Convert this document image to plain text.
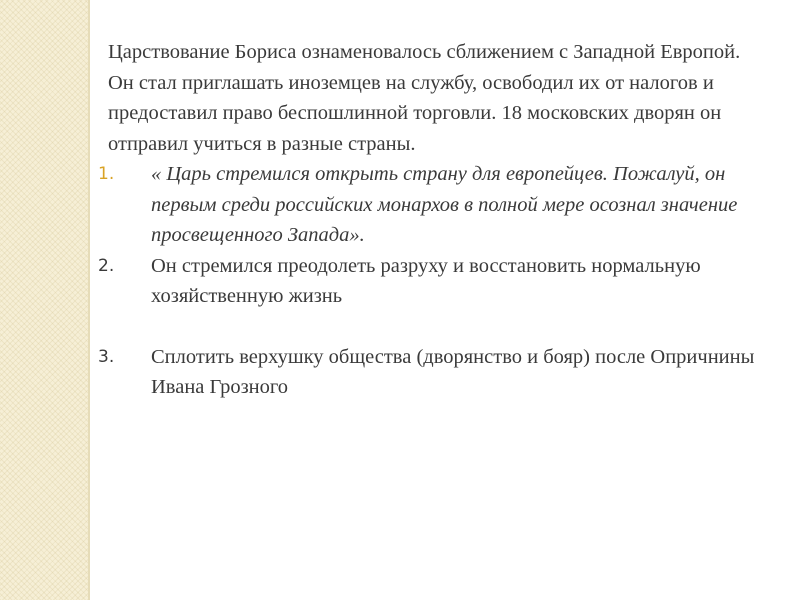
Царствование Бориса ознаменовалось сближением с Западной Европой. Он стал приглашать иноземцев на службу, освободил их от налогов и предоставил право беспошлинной торговли. 18 московских дворян он отправил учиться в разные страны.

1. « Царь стремился открыть страну для европейцев. Пожалуй, он первым среди российских монархов в полной мере осознал значение просвещенного Запада».
2. Он стремился преодолеть разруху и восстановить нормальную хозяйственную жизнь
3. Сплотить верхушку общества (дворянство и бояр) после Опричнины Ивана Грозного
